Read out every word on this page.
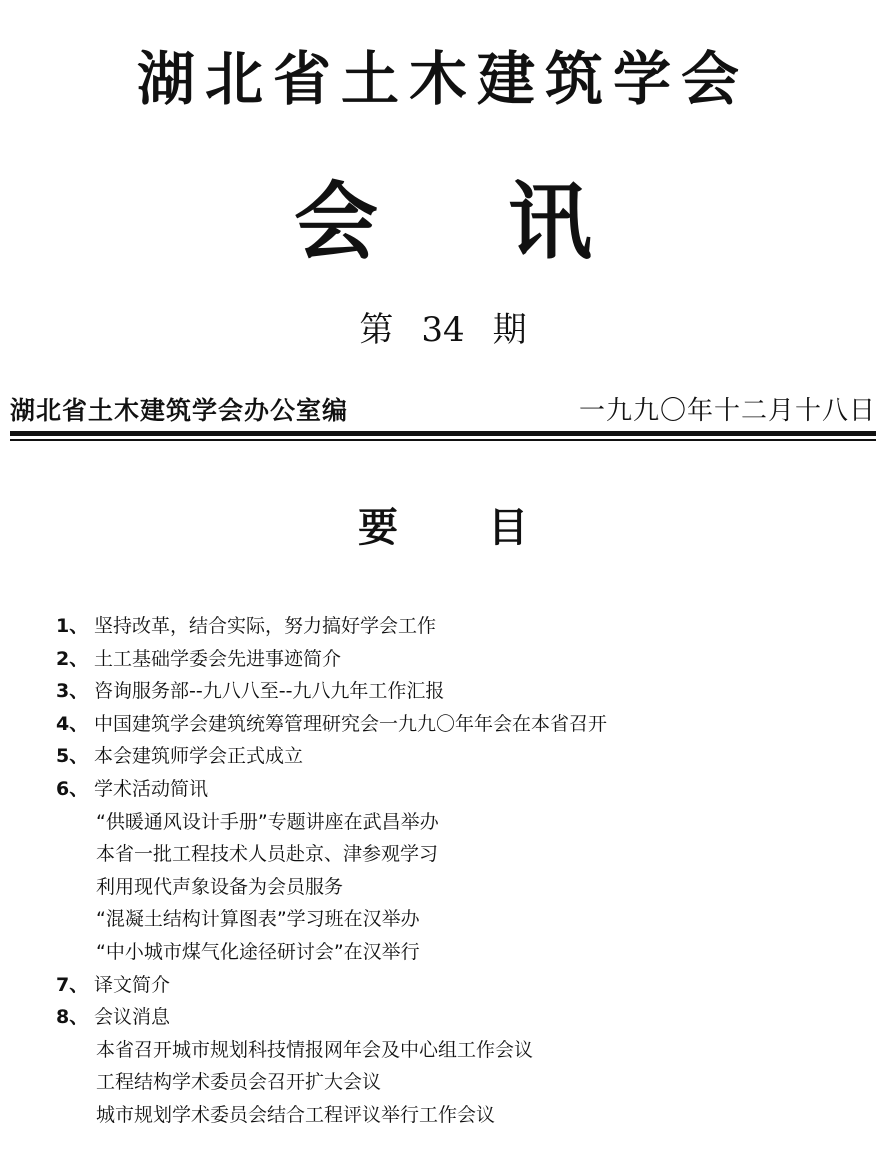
湖北省土木建筑学会
会讯
第 34 期
湖北省土木建筑学会办公室编	一九九〇年十二月十八日
要目
1、 坚持改革，结合实际，努力搞好学会工作
2、 土工基础学委会先进事迹简介
3、 咨询服务部--九八八至--九八九年工作汇报
4、 中国建筑学会建筑统筹管理研究会一九九〇年年会在本省召开
5、 本会建筑师学会正式成立
6、 学术活动简讯
“供暖通风设计手册”专题讲座在武昌举办
本省一批工程技术人员赴京、津参观学习
利用现代声象设备为会员服务
“混凝土结构计算图表”学习班在汉举办
“中小城市煤气化途径研讨会”在汉举行
7、 译文简介
8、 会议消息
本省召开城市规划科技情报网年会及中心组工作会议
工程结构学术委员会召开扩大会议
城市规划学术委员会结合工程评议举行工作会议
